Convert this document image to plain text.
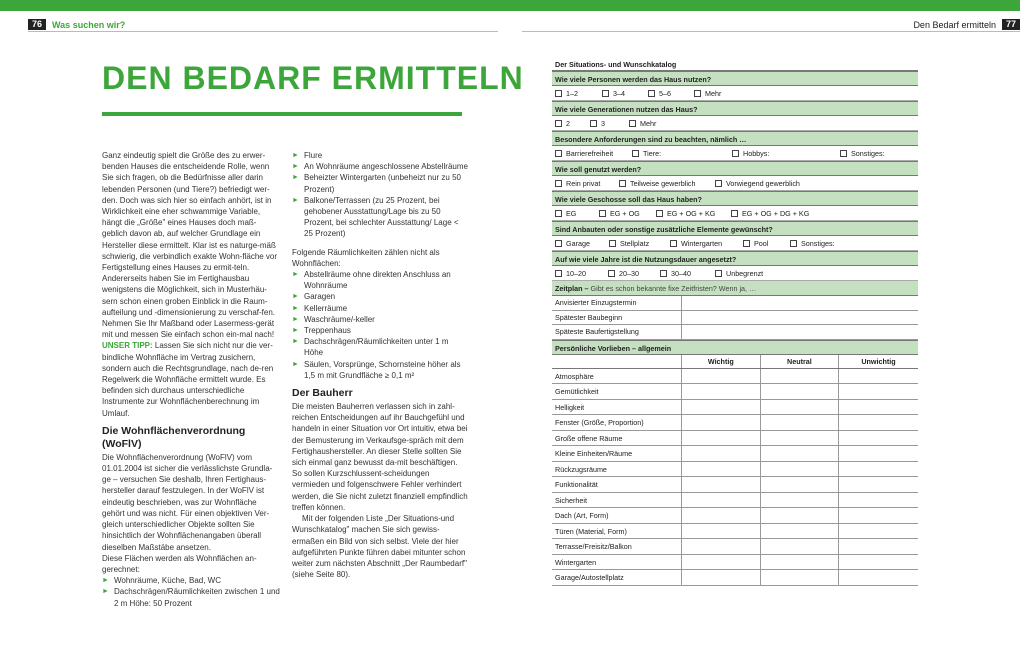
76	Was suchen wir?	Den Bedarf ermitteln	77
DEN BEDARF ERMITTELN

Ganz eindeutig spielt die Größe des zu erwer-benden Hauses die entscheidende Rolle, wenn Sie sich fragen, ob die Bedürfnisse aller darin lebenden Personen (und Tiere?) befriedigt wer-den. Doch was sich hier so einfach anhört, ist in Wirklichkeit eine eher schwammige Variable, hängt die „Größe" eines Hauses doch maß-geblich davon ab, auf welcher Grundlage ein Hersteller diese ermittelt. Klar ist es naturge-mäß schwierig, die verbindlich exakte Wohn-fläche vor Fertigstellung eines Hauses zu ermit-teln. Andererseits haben Sie im Fertighausbau wenigstens die Möglichkeit, sich in Musterhäu-sern schon einen groben Einblick in die Raum-aufteilung und -dimensionierung zu verschaf-fen. Nehmen Sie Ihr Maßband oder Lasermess-gerät mit und messen Sie einfach schon ein-mal nach!

UNSER TIPP: Lassen Sie sich nicht nur die ver-bindliche Wohnfläche im Vertrag zusichern, sondern auch die Rechtsgrundlage, nach de-ren Regelwerk die Wohnfläche ermittelt wurde. Es befinden sich durchaus unterschiedliche Instrumente zur Wohnflächenberechnung im Umlauf.

Die Wohnflächenverordnung (WoFlV)

Die Wohnflächenverordnung (WoFlV) vom 01.01.2004 ist sicher die verlässlichste Grundla-ge – versuchen Sie deshalb, Ihren Fertighaus-hersteller darauf festzulegen. In der WoFlV ist eindeutig beschrieben, was zur Wohnfläche gehört und was nicht. Für einen objektiven Ver-gleich unterschiedlicher Objekte sollten Sie hinsichtlich der Wohnflächenangaben überall dieselben Maßstäbe ansetzen.

Diese Flächen werden als Wohnflächen an-gerechnet:

► Wohnräume, Küche, Bad, WC
► Dachschrägen/Räumlichkeiten zwischen 1 und 2 m Höhe: 50 Prozent
► Flure
► An Wohnräume angeschlossene Abstellräume
► Beheizter Wintergarten (unbeheizt nur zu 50 Prozent)
► Balkone/Terrassen (zu 25 Prozent, bei gehobener Ausstattung/Lage bis zu 50 Prozent, bei schlechter Ausstattung/ Lage < 25 Prozent)

Folgende Räumlichkeiten zählen nicht als Wohnflächen:

► Abstellräume ohne direkten Anschluss an Wohnräume
► Garagen
► Kellerräume
► Waschräume/-keller
► Treppenhaus
► Dachschrägen/Räumlichkeiten unter 1 m Höhe
► Säulen, Vorsprünge, Schornsteine höher als 1,5 m mit Grundfläche ≥ 0,1 m²
Der Bauherr

Die meisten Bauherren verlassen sich in zahl-reichen Entscheidungen auf ihr Bauchgefühl und handeln in einer Situation vor Ort intuitiv, etwa bei der Bemusterung im Verkaufsge-spräch mit dem Fertighaushersteller. An dieser Stelle sollten Sie sich einmal ganz bewusst da-mit beschäftigen. So sollen Kurzschlussent-scheidungen vermieden und folgenschwere Fehler verhindert werden, die Sie nicht zuletzt finanziell empfindlich treffen können.

Mit der folgenden Liste „Der Situations-und Wunschkatalog" machen Sie sich gewiss-ermaßen ein Bild von sich selbst. Viele der hier aufgeführten Punkte führen dabei mitunter schon weiter zum nächsten Abschnitt „Der Raumbedarf" (siehe Seite 80).

Der Situations- und Wunschkatalog
Wie viele Personen werden das Haus nutzen?
1–2	3–4	5–6	Mehr
Wie viele Generationen nutzen das Haus?
2	3	Mehr
Besondere Anforderungen sind zu beachten, nämlich …
Barrierefreiheit	Tiere:	Hobbys:	Sonstiges:
Wie soll genutzt werden?
Rein privat	Teilweise gewerblich	Vorwiegend gewerblich
Wie viele Geschosse soll das Haus haben?
EG	EG + OG	EG + OG + KG	EG + OG + DG + KG
Sind Anbauten oder sonstige zusätzliche Elemente gewünscht?
Garage	Stellplatz	Wintergarten	Pool	Sonstiges:
Auf wie viele Jahre ist die Nutzungsdauer angesetzt?
10–20	20–30	30–40	Unbegrenzt
Zeitplan – Gibt es schon bekannte fixe Zeitfristen? Wenn ja, …
Anvisierter Einzugstermin
Spätester Baubeginn
Späteste Baufertigstellung
Persönliche Vorlieben – allgemein
Wichtig	Neutral	Unwichtig
Atmosphäre
Gemütlichkeit
Helligkeit
Fenster (Größe, Proportion)
Große offene Räume
Kleine Einheiten/Räume
Rückzugsräume
Funktionalität
Sicherheit
Dach (Art, Form)
Türen (Material, Form)
Terrasse/Freisitz/Balkon
Wintergarten
Garage/Autostellplatz
